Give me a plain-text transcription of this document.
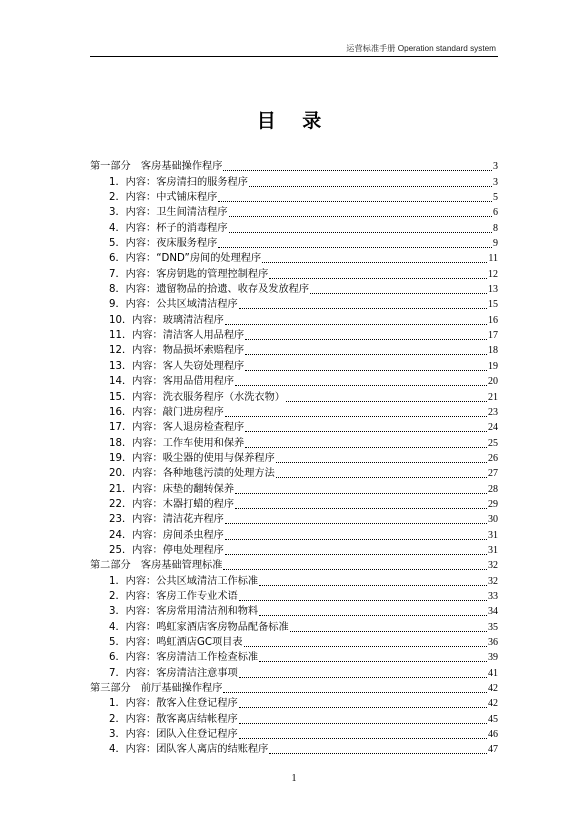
运营标准手册 Operation standard system
目 录
第一部分　客房基础操作程序	3
1．内容：客房清扫的服务程序	3
2．内容：中式铺床程序	5
3．内容：卫生间清洁程序	6
4．内容：杯子的消毒程序	8
5．内容：夜床服务程序	9
6．内容：“DND”房间的处理程序	11
7．内容：客房钥匙的管理控制程序	12
8．内容：遗留物品的拾遗、收存及发放程序	13
9．内容：公共区域清洁程序	15
10．内容：玻璃清洁程序	16
11．内容：清洁客人用品程序	17
12．内容：物品损坏索赔程序	18
13．内容：客人失窃处理程序	19
14．内容：客用品借用程序	20
15．内容：洗衣服务程序（水洗衣物）	21
16．内容：敲门进房程序	23
17．内容：客人退房检查程序	24
18．内容：工作车使用和保养	25
19．内容：吸尘器的使用与保养程序	26
20．内容：各种地毯污渍的处理方法	27
21．内容：床垫的翻转保养	28
22．内容：木器打蜡的程序	29
23．内容：清洁花卉程序	30
24．内容：房间杀虫程序	31
25．内容：停电处理程序	31
第二部分　客房基础管理标准	32
1．内容：公共区域清洁工作标准	32
2．内容：客房工作专业术语	33
3．内容：客房常用清洁剂和物料	34
4．内容：鸣虹家酒店客房物品配备标准	35
5．内容：鸣虹酒店GC项目表	36
6．内容：客房清洁工作检查标准	39
7．内容：客房清洁注意事项	41
第三部分　前厅基础操作程序	42
1．内容：散客入住登记程序	42
2．内容：散客离店结帐程序	45
3．内容：团队入住登记程序	46
4．内容：团队客人离店的结账程序	47
1
